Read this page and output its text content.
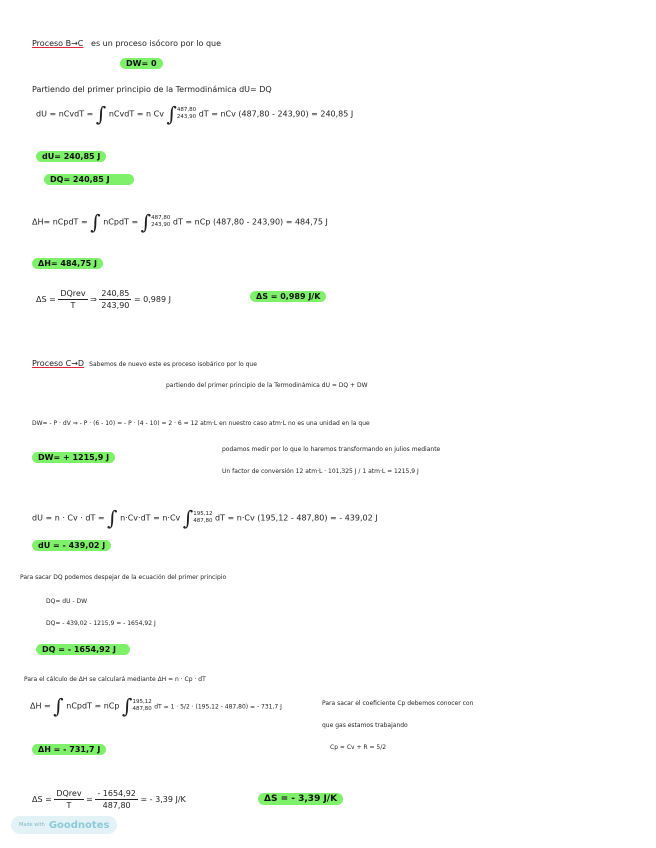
Proceso B→C es un proceso isócoro por lo que
DW= 0
Partiendo del primer principio de la Termodinámica dU= DQ
dU = nCvdT = ∫ nCvdT = n Cv ∫487,80
243,90 dT = nCv (487,80 - 243,90) = 240,85 J
dU= 240,85 J
DQ= 240,85 J
ΔH= nCpdT = ∫ nCpdT = ∫487,80
243,90 dT = nCp (487,80 - 243,90) = 484,75 J
ΔH= 484,75 J
$\Delta S = \frac{\text{DQrev}}{T}$ ⇒ $\frac{240,85}{243,90} = 0,989$ J	ΔS = 0,989 J/K
Proceso C→D Sabemos de nuevo este es proceso isobárico por lo que
partiendo del primer principio de la Termodinámica dU = DQ + DW
DW= - P · dV ⇒ - P · (6 - 10) = - P · (4 - 10) = 2 · 6 = 12 atm·L en nuestro caso atm·L no es una unidad en la que
podamos medir por lo que lo haremos transformando en julios mediante
Un factor de conversión 12 atm·L · 101,325 J / 1 atm·L = 1215,9 J
DW= + 1215,9 J
dU = n · Cv · dT = ∫ n·Cv·dT = n·Cv ∫195,12
487,80 dT = n·Cv (195,12 - 487,80) = - 439,02 J
dU = - 439,02 J
Para sacar DQ podemos despejar de la ecuación del primer principio
DQ= dU - DW
DQ= - 439,02 - 1215,9 = - 1654,92 J
DQ = - 1654,92 J
Para el cálculo de ΔH se calculará mediante ΔH = n · Cp · dT
ΔH = ∫ nCpdT = nCp ∫195,12
487,80 dT = 1 · 5/2 · (195,12 - 487,80) = - 731,7 J	Para sacar el coeficiente Cp debemos conocer con
que gas estamos trabajando
Cp = Cv + R = 5/2
ΔH = - 731,7 J
$\Delta S = \frac{\text{DQrev}}{T} = \frac{- 1654,92}{487,80}$ = - 3,39 J/K	ΔS = - 3,39 J/K
Made with Goodnotes
